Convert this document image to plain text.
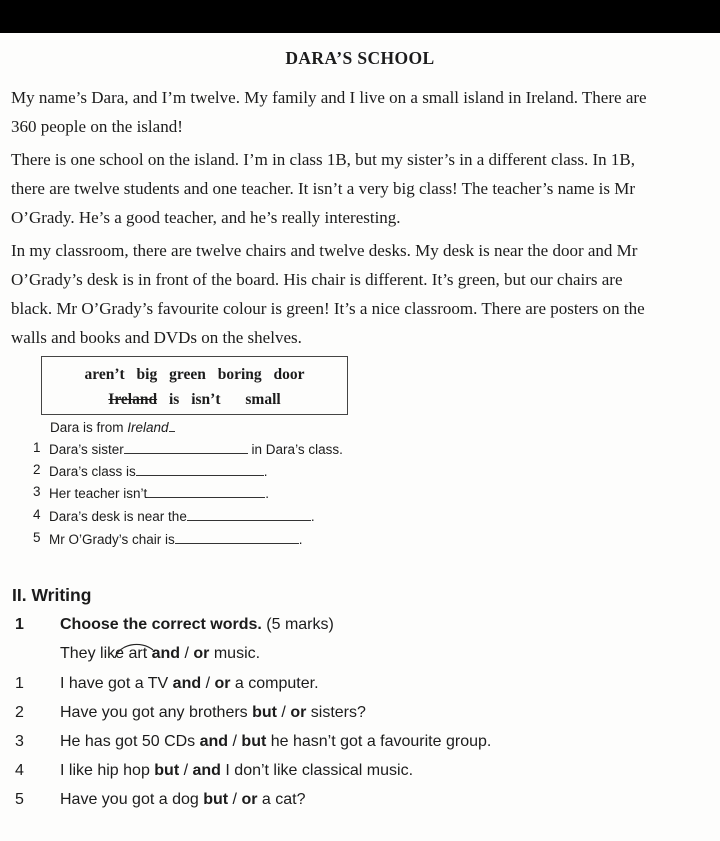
DARA’S SCHOOL

My name’s Dara, and I’m twelve. My family and I live on a small island in Ireland. There are
360 people on the island!

There is one school on the island. I’m in class 1B, but my sister’s in a different class. In 1B,
there are twelve students and one teacher. It isn’t a very big class! The teacher’s name is Mr
O’Grady. He’s a good teacher, and he’s really interesting.

In my classroom, there are twelve chairs and twelve desks. My desk is near the door and Mr
O’Grady’s desk is in front of the board. His chair is different. It’s green, but our chairs are
black. Mr O’Grady’s favourite colour is green! It’s a nice classroom. There are posters on the
walls and books and DVDs on the shelves.

aren’t big green boring door
Ireland is isn’t small
Dara is from Ireland
1 Dara’s sister	in Dara’s class.
2 Dara’s class is	.
3 Her teacher isn’t	.
4 Dara’s desk is near the	.
5 Mr O’Grady’s chair is	.
II. Writing
1 Choose the correct words. (5 marks)
They like art and / or music.
1 I have got a TV and / or a computer.
2 Have you got any brothers but / or sisters?
3 He has got 50 CDs and / but he hasn’t got a favourite group.
4 I like hip hop but / and I don’t like classical music.
5 Have you got a dog but / or a cat?
